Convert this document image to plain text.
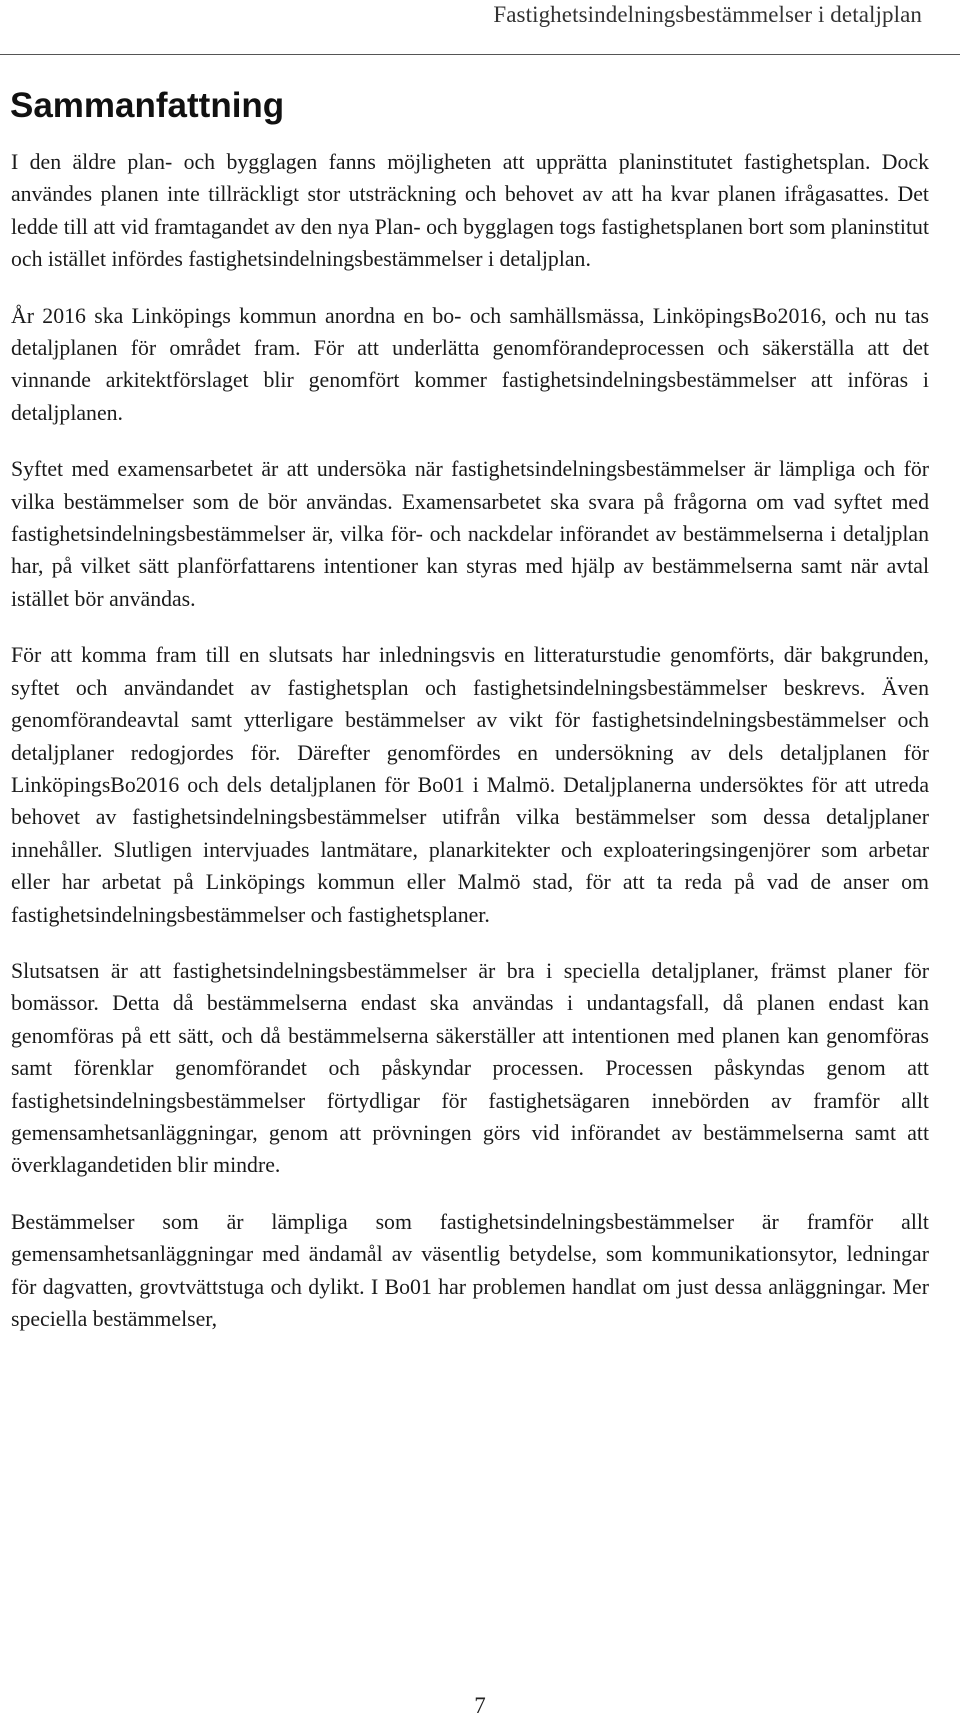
Fastighetsindelningsbestämmelser i detaljplan
Sammanfattning

I den äldre plan- och bygglagen fanns möjligheten att upprätta planinstitutet fastighetsplan. Dock användes planen inte tillräckligt stor utsträckning och behovet av att ha kvar planen ifrågasattes. Det ledde till att vid framtagandet av den nya Plan- och bygglagen togs fastighetsplanen bort som planinstitut och istället infördes fastighetsindelningsbestämmelser i detaljplan.

År 2016 ska Linköpings kommun anordna en bo- och samhällsmässa, LinköpingsBo2016, och nu tas detaljplanen för området fram. För att underlätta genomförandeprocessen och säkerställa att det vinnande arkitektförslaget blir genomfört kommer fastighetsindelningsbestämmelser att införas i detaljplanen.

Syftet med examensarbetet är att undersöka när fastighetsindelningsbestämmelser är lämpliga och för vilka bestämmelser som de bör användas. Examensarbetet ska svara på frågorna om vad syftet med fastighetsindelningsbestämmelser är, vilka för- och nackdelar införandet av bestämmelserna i detaljplan har, på vilket sätt planförfattarens intentioner kan styras med hjälp av bestämmelserna samt när avtal istället bör användas.

För att komma fram till en slutsats har inledningsvis en litteraturstudie genomförts, där bakgrunden, syftet och användandet av fastighetsplan och fastighetsindelningsbestämmelser beskrevs. Även genomförandeavtal samt ytterligare bestämmelser av vikt för fastighetsindelningsbestämmelser och detaljplaner redogjordes för. Därefter genomfördes en undersökning av dels detaljplanen för LinköpingsBo2016 och dels detaljplanen för Bo01 i Malmö. Detaljplanerna undersöktes för att utreda behovet av fastighetsindelningsbestämmelser utifrån vilka bestämmelser som dessa detaljplaner innehåller. Slutligen intervjuades lantmätare, planarkitekter och exploateringsingenjörer som arbetar eller har arbetat på Linköpings kommun eller Malmö stad, för att ta reda på vad de anser om fastighetsindelningsbestämmelser och fastighetsplaner.

Slutsatsen är att fastighetsindelningsbestämmelser är bra i speciella detaljplaner, främst planer för bomässor. Detta då bestämmelserna endast ska användas i undantagsfall, då planen endast kan genomföras på ett sätt, och då bestämmelserna säkerställer att intentionen med planen kan genomföras samt förenklar genomförandet och påskyndar processen. Processen påskyndas genom att fastighetsindelningsbestämmelser förtydligar för fastighetsägaren innebörden av framför allt gemensamhetsanläggningar, genom att prövningen görs vid införandet av bestämmelserna samt att överklagandetiden blir mindre.

Bestämmelser som är lämpliga som fastighetsindelningsbestämmelser är framför allt gemensamhetsanläggningar med ändamål av väsentlig betydelse, som kommunikationsytor, ledningar för dagvatten, grovtvättstuga och dylikt. I Bo01 har problemen handlat om just dessa anläggningar. Mer speciella bestämmelser,

7
